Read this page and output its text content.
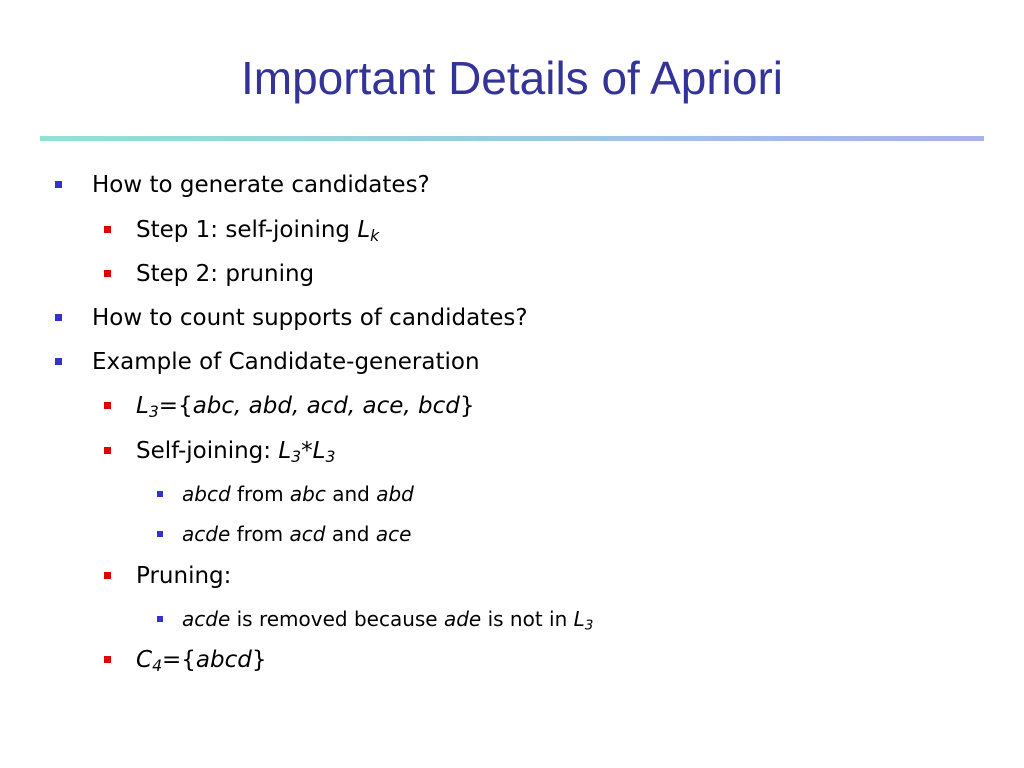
Important Details of Apriori
How to generate candidates?
Step 1: self-joining $L_k$
Step 2: pruning
How to count supports of candidates?
Example of Candidate-generation
$L_3=\{abc$, abd, acd, ace, bcd}
Self-joining: $L_3*L_3$
abcd from abc and abd
acde from acd and ace
Pruning:
acde is removed because ade is not in $L_3$
$C_4=\{abcd\}$
